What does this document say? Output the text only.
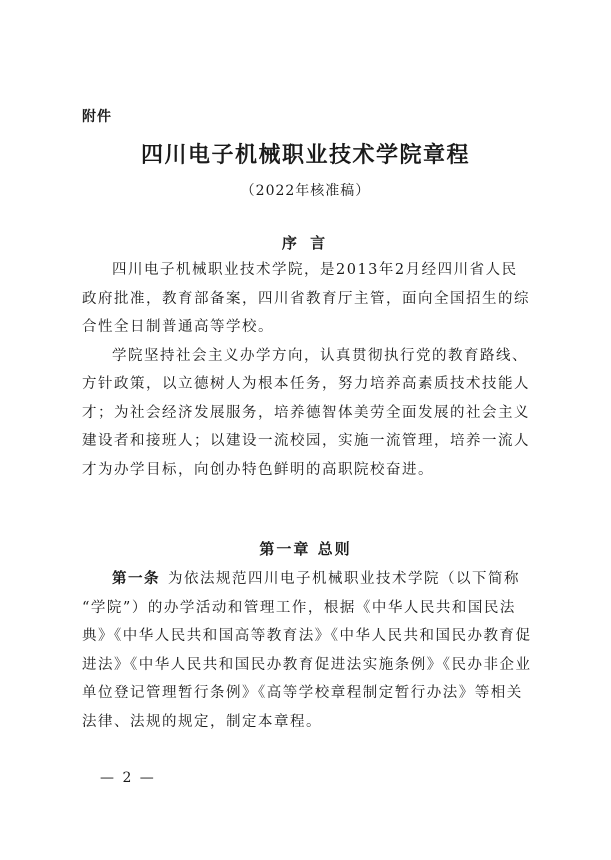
附件
四川电子机械职业技术学院章程
（2022年核准稿）
序 言
四川电子机械职业技术学院，是2013年2月经四川省人民
政府批准，教育部备案，四川省教育厅主管，面向全国招生的综
合性全日制普通高等学校。
学院坚持社会主义办学方向，认真贯彻执行党的教育路线、
方针政策，以立德树人为根本任务，努力培养高素质技术技能人
才；为社会经济发展服务，培养德智体美劳全面发展的社会主义
建设者和接班人；以建设一流校园，实施一流管理，培养一流人
才为办学目标，向创办特色鲜明的高职院校奋进。
第一章 总则
第一条 为依法规范四川电子机械职业技术学院（以下简称
“学院”）的办学活动和管理工作，根据《中华人民共和国民法
典》《中华人民共和国高等教育法》《中华人民共和国民办教育促
进法》《中华人民共和国民办教育促进法实施条例》《民办非企业
单位登记管理暂行条例》《高等学校章程制定暂行办法》等相关
法律、法规的规定，制定本章程。
— 2 —
